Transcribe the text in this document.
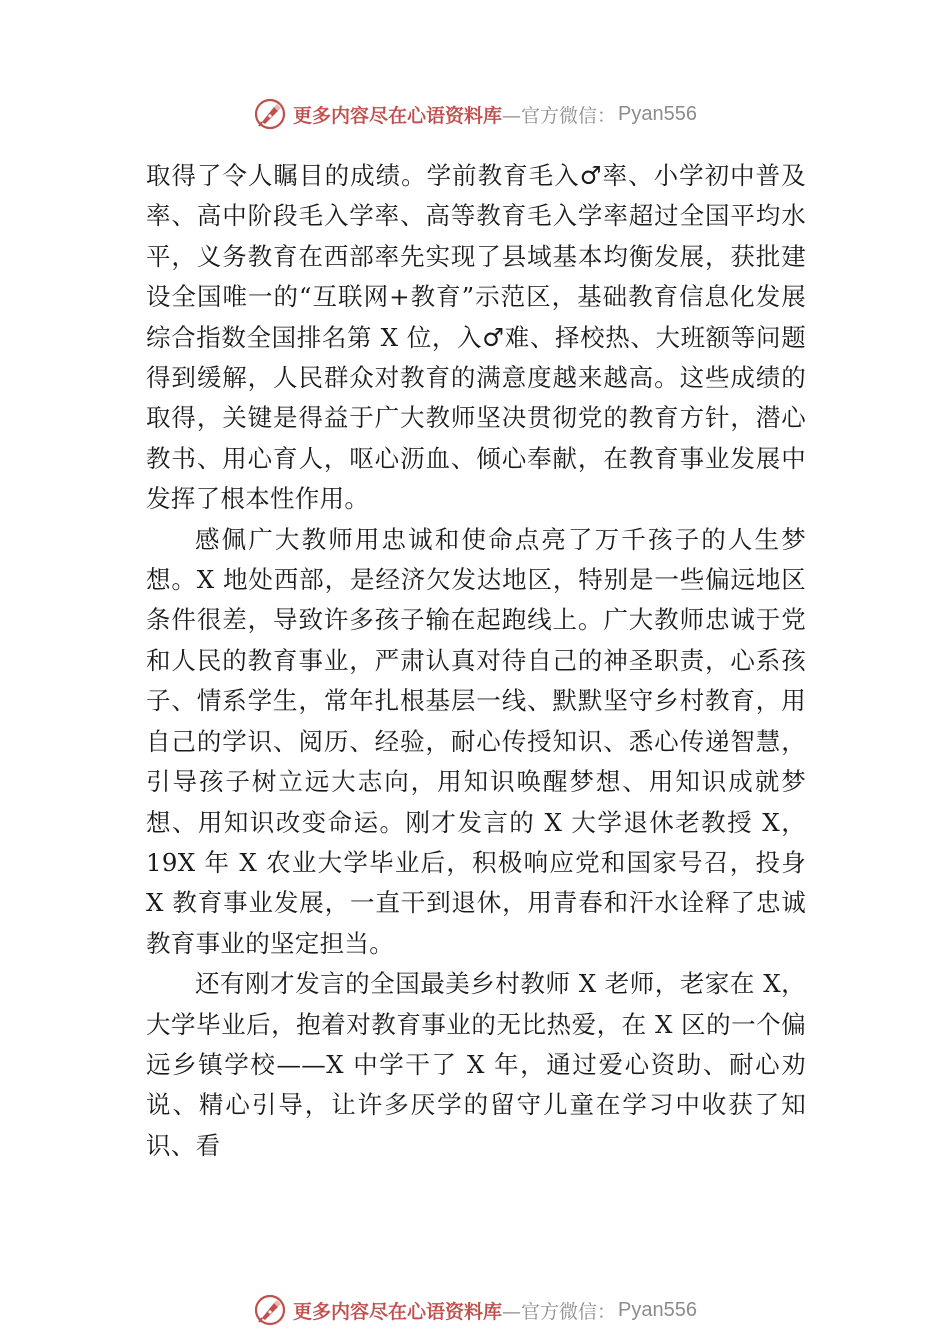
更多内容尽在心语资料库 —官方微信： Pyan556

取得了令人瞩目的成绩。学前教育毛入♂率、小学初中普及率、高中阶段毛入学率、高等教育毛入学率超过全国平均水平，义务教育在西部率先实现了县域基本均衡发展，获批建设全国唯一的“互联网+教育”示范区，基础教育信息化发展综合指数全国排名第 X 位，入♂难、择校热、大班额等问题得到缓解，人民群众对教育的满意度越来越高。这些成绩的取得，关键是得益于广大教师坚决贯彻党的教育方针，潜心教书、用心育人，呕心沥血、倾心奉献，在教育事业发展中发挥了根本性作用。

感佩广大教师用忠诚和使命点亮了万千孩子的人生梦想。X 地处西部，是经济欠发达地区，特别是一些偏远地区条件很差，导致许多孩子输在起跑线上。广大教师忠诚于党和人民的教育事业，严肃认真对待自己的神圣职责，心系孩子、情系学生，常年扎根基层一线、默默坚守乡村教育，用自己的学识、阅历、经验，耐心传授知识、悉心传递智慧， 引导孩子树立远大志向，用知识唤醒梦想、用知识成就梦想、用知识改变命运。刚才发言的 X 大学退休老教授 X，19X 年 X 农业大学毕业后，积极响应党和国家号召，投身 X 教育事业发展，一直干到退休，用青春和汗水诠释了忠诚教育事业的坚定担当。

还有刚才发言的全国最美乡村教师 X 老师，老家在 X，大学毕业后，抱着对教育事业的无比热爱，在 X 区的一个偏远乡镇学校——X 中学干了 X 年，通过爱心资助、耐心劝说、精心引导，让许多厌学的留守儿童在学习中收获了知识、看

更多内容尽在心语资料库 —官方微信： Pyan556
